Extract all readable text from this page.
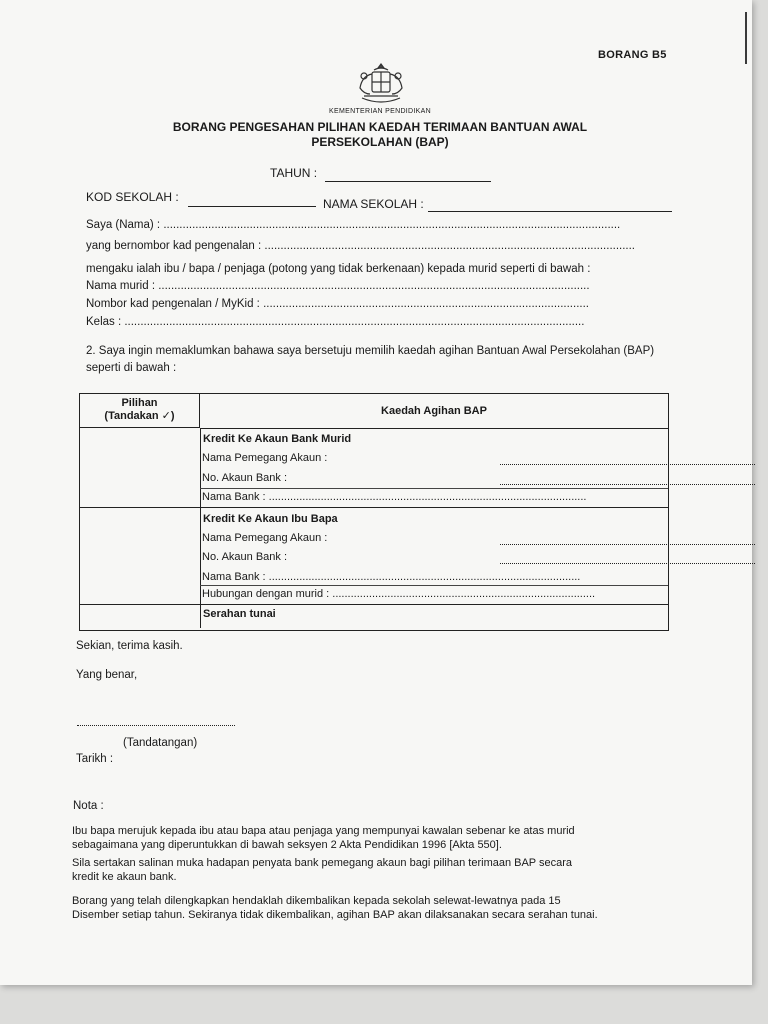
BORANG B5
KEMENTERIAN PENDIDIKAN
BORANG PENGESAHAN PILIHAN KAEDAH TERIMAAN BANTUAN AWAL
PERSEKOLAHAN (BAP)
TAHUN :
KOD SEKOLAH :	NAMA SEKOLAH :
Saya (Nama) : ...............................................................................................................................................
yang bernombor kad pengenalan : ....................................................................................................................
mengaku ialah ibu / bapa / penjaga (potong yang tidak berkenaan) kepada murid seperti di bawah :
Nama murid : .......................................................................................................................................
Nombor kad pengenalan / MyKid : ......................................................................................................
Kelas : ................................................................................................................................................
2. Saya ingin memaklumkan bahawa saya bersetuju memilih kaedah agihan Bantuan Awal Persekolahan (BAP) seperti di bawah :
Pilihan
(Tandakan ✓)	Kaedah Agihan BAP
Kredit Ke Akaun Bank Murid
Nama Pemegang Akaun :
No. Akaun Bank :
Nama Bank : ........................................................................................................
Kredit Ke Akaun Ibu Bapa
Nama Pemegang Akaun :
No. Akaun Bank :
Nama Bank : ......................................................................................................
Hubungan dengan murid : ......................................................................................
Serahan tunai
Sekian, terima kasih.
Yang benar,
(Tandatangan)
Tarikh :
Nota :
Ibu bapa merujuk kepada ibu atau bapa atau penjaga yang mempunyai kawalan sebenar ke atas murid
sebagaimana yang diperuntukkan di bawah seksyen 2 Akta Pendidikan 1996 [Akta 550].
Sila sertakan salinan muka hadapan penyata bank pemegang akaun bagi pilihan terimaan BAP secara
kredit ke akaun bank.
Borang yang telah dilengkapkan hendaklah dikembalikan kepada sekolah selewat-lewatnya pada 15
Disember setiap tahun. Sekiranya tidak dikembalikan, agihan BAP akan dilaksanakan secara serahan tunai.
